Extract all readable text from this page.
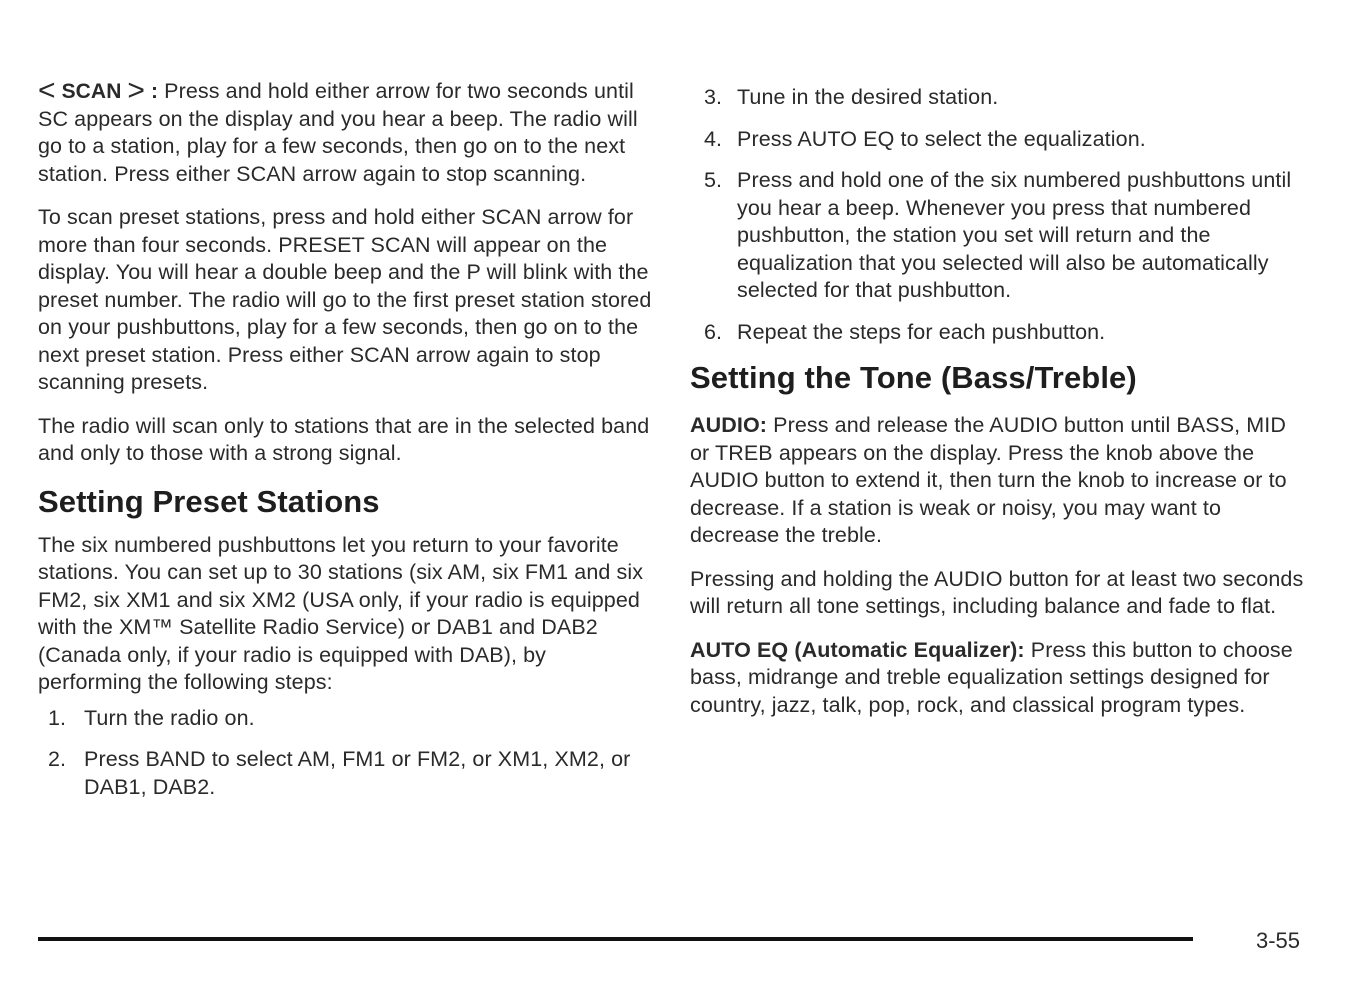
< SCAN > : Press and hold either arrow for two seconds until SC appears on the display and you hear a beep. The radio will go to a station, play for a few seconds, then go on to the next station. Press either SCAN arrow again to stop scanning.

To scan preset stations, press and hold either SCAN arrow for more than four seconds. PRESET SCAN will appear on the display. You will hear a double beep and the P will blink with the preset number. The radio will go to the first preset station stored on your pushbuttons, play for a few seconds, then go on to the next preset station. Press either SCAN arrow again to stop scanning presets.

The radio will scan only to stations that are in the selected band and only to those with a strong signal.

Setting Preset Stations

The six numbered pushbuttons let you return to your favorite stations. You can set up to 30 stations (six AM, six FM1 and six FM2, six XM1 and six XM2 (USA only, if your radio is equipped with the XM™ Satellite Radio Service) or DAB1 and DAB2 (Canada only, if your radio is equipped with DAB), by performing the following steps:

1. Turn the radio on.
2. Press BAND to select AM, FM1 or FM2, or XM1, XM2, or DAB1, DAB2.
3. Tune in the desired station.
4. Press AUTO EQ to select the equalization.
5. Press and hold one of the six numbered pushbuttons until you hear a beep. Whenever you press that numbered pushbutton, the station you set will return and the equalization that you selected will also be automatically selected for that pushbutton.
6. Repeat the steps for each pushbutton.
Setting the Tone (Bass/Treble)

AUDIO: Press and release the AUDIO button until BASS, MID or TREB appears on the display. Press the knob above the AUDIO button to extend it, then turn the knob to increase or to decrease. If a station is weak or noisy, you may want to decrease the treble.

Pressing and holding the AUDIO button for at least two seconds will return all tone settings, including balance and fade to flat.

AUTO EQ (Automatic Equalizer): Press this button to choose bass, midrange and treble equalization settings designed for country, jazz, talk, pop, rock, and classical program types.

3-55
